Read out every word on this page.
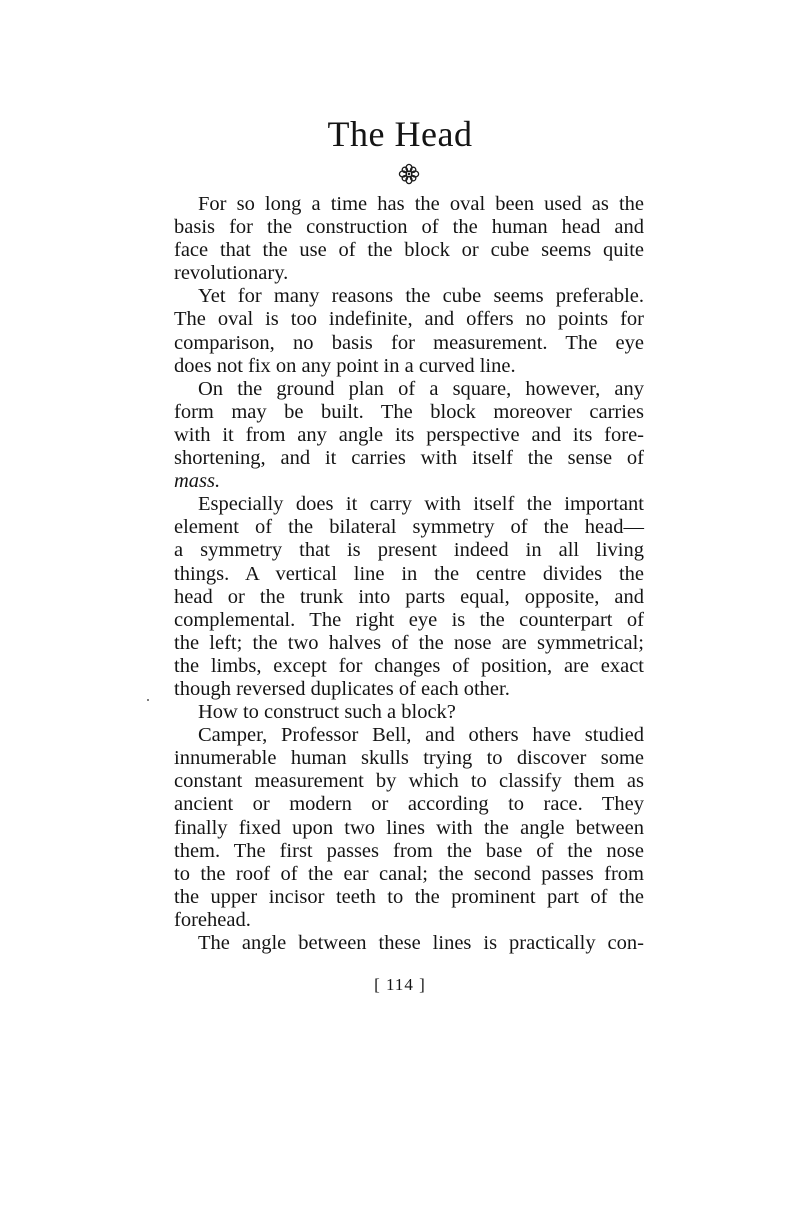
The Head

For so long a time has the oval been used as the
basis for the construction of the human head and
face that the use of the block or cube seems quite
revolutionary.

Yet for many reasons the cube seems preferable.
The oval is too indefinite, and offers no points for
comparison, no basis for measurement. The eye
does not fix on any point in a curved line.

On the ground plan of a square, however, any
form may be built. The block moreover carries
with it from any angle its perspective and its fore-
shortening, and it carries with itself the sense of
mass.

Especially does it carry with itself the important
element of the bilateral symmetry of the head—
a symmetry that is present indeed in all living
things. A vertical line in the centre divides the
head or the trunk into parts equal, opposite, and
complemental. The right eye is the counterpart of
the left; the two halves of the nose are symmetrical;
the limbs, except for changes of position, are exact
though reversed duplicates of each other.

How to construct such a block?

Camper, Professor Bell, and others have studied
innumerable human skulls trying to discover some
constant measurement by which to classify them as
ancient or modern or according to race. They
finally fixed upon two lines with the angle between
them. The first passes from the base of the nose
to the roof of the ear canal; the second passes from
the upper incisor teeth to the prominent part of the
forehead.

The angle between these lines is practically con-

[ 114 ]
